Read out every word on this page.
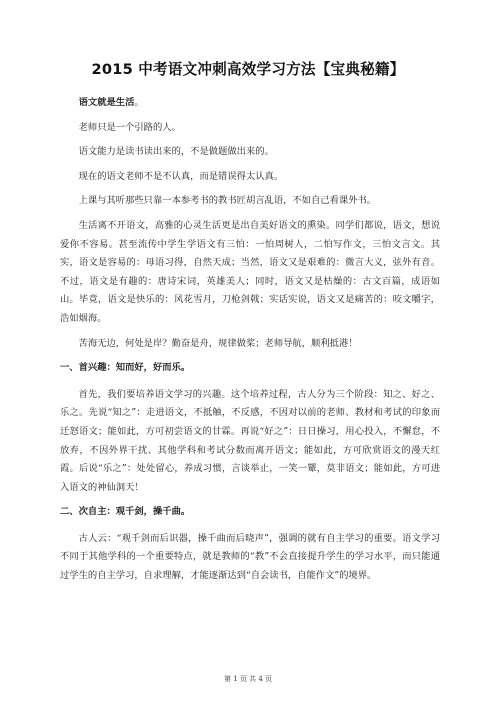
2015 中考语文冲刺高效学习方法【宝典秘籍】

语文就是生活。

老师只是一个引路的人。

语文能力是读书读出来的，不是做题做出来的。

现在的语文老师不是不认真，而是错误得太认真。

上课与其听那些只靠一本参考书的教书匠胡言乱语，不如自己看课外书。

生活离不开语文，高雅的心灵生活更是出自美好语文的熏染。同学们都说，语文，想说爱你不容易。甚至流传中学生学语文有三怕：一怕周树人，二怕写作文，三怕文言文。其实，语文是容易的：母语习得，自然天成；当然，语文又是艰难的：微言大义，弦外有音。不过，语文是有趣的：唐诗宋词，英雄美人；同时，语文又是枯燥的：古文百篇，成语如山。毕竟，语文是快乐的：风花雪月，刀枪剑戟；实话实说，语文又是痛苦的：咬文嚼字，浩如烟海。

苦海无边，何处是岸？勤奋是舟，规律做桨；老师导航，顺利抵港！

一、首兴趣：知而好，好而乐。

首先，我们要培养语文学习的兴趣。这个培养过程，古人分为三个阶段：知之、好之、乐之。先说“知之”：走进语文，不抵触，不反感，不因对以前的老师、教材和考试的印象而迁怒语文；能如此，方可初尝语文的甘霖。再说“好之”：日日操习，用心投入，不懈怠，不放弃，不因外界干扰、其他学科和考试分数而离开语文；能如此，方可欣赏语文的漫天红霞。后说“乐之”：处处留心，养成习惯，言谈举止，一笑一颦，莫非语文；能如此，方可进入语文的神仙洞天！

二、次自主：观千剑，操千曲。

古人云：“观千剑而后识器，操千曲而后晓声”，强调的就有自主学习的重要。语文学习不同于其他学科的一个重要特点，就是教师的“教”不会直接提升学生的学习水平，而只能通过学生的自主学习，自求理解，才能逐渐达到“自会读书，自能作文”的境界。

第 1 页 共 4 页
